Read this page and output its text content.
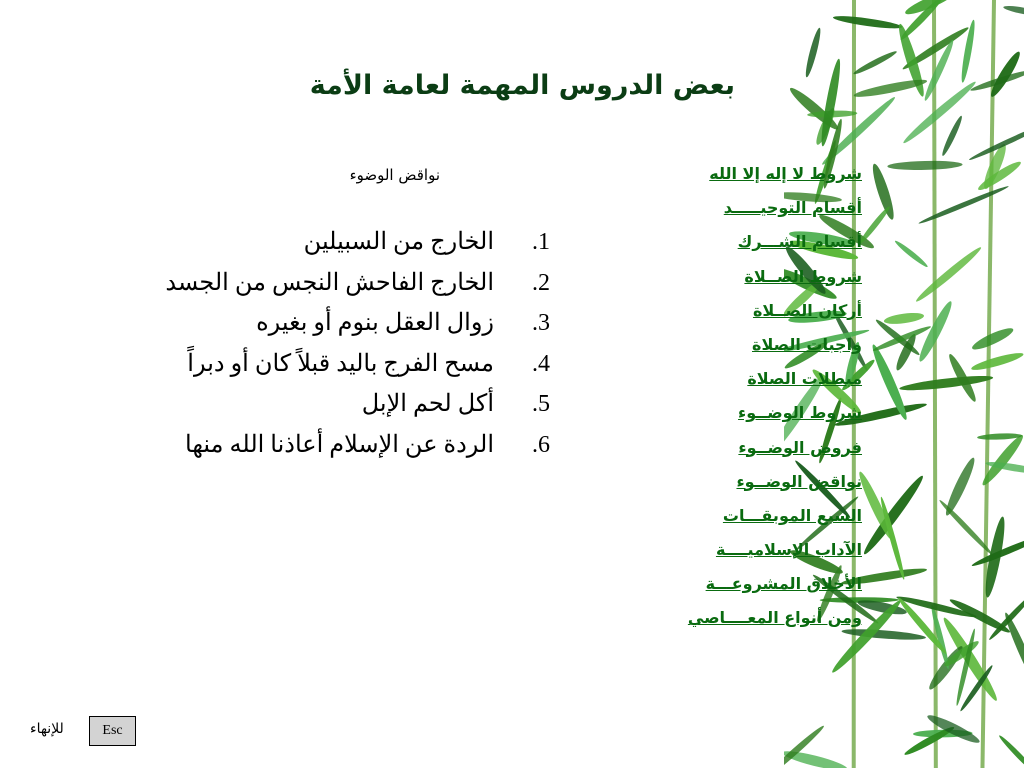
بعض الدروس المهمة لعامة الأمة
شروط لا إله إلا الله
أقسام التوحيـــــد
أقسام الشـــرك
شروط الصــلاة
أركان الصــلاة
واجبات الصلاة
مبطلات الصلاة
شروط الوضــوء
فروض الوضــوء
نواقض الوضــوء
السبع الموبقـــات
الآداب الإسلاميــــة
الأخلاق المشروعـــة
ومن أنواع المعــــاصي
نواقض الوضوء
1.الخارج من السبيلين
2.الخارج الفاحش النجس من الجسد
3.زوال العقل بنوم أو بغيره
4.مسح الفرج باليد قبلاً كان أو دبراً
5.أكل لحم الإبل
6.الردة عن الإسلام أعاذنا الله منها
Esc
للإنهاء
